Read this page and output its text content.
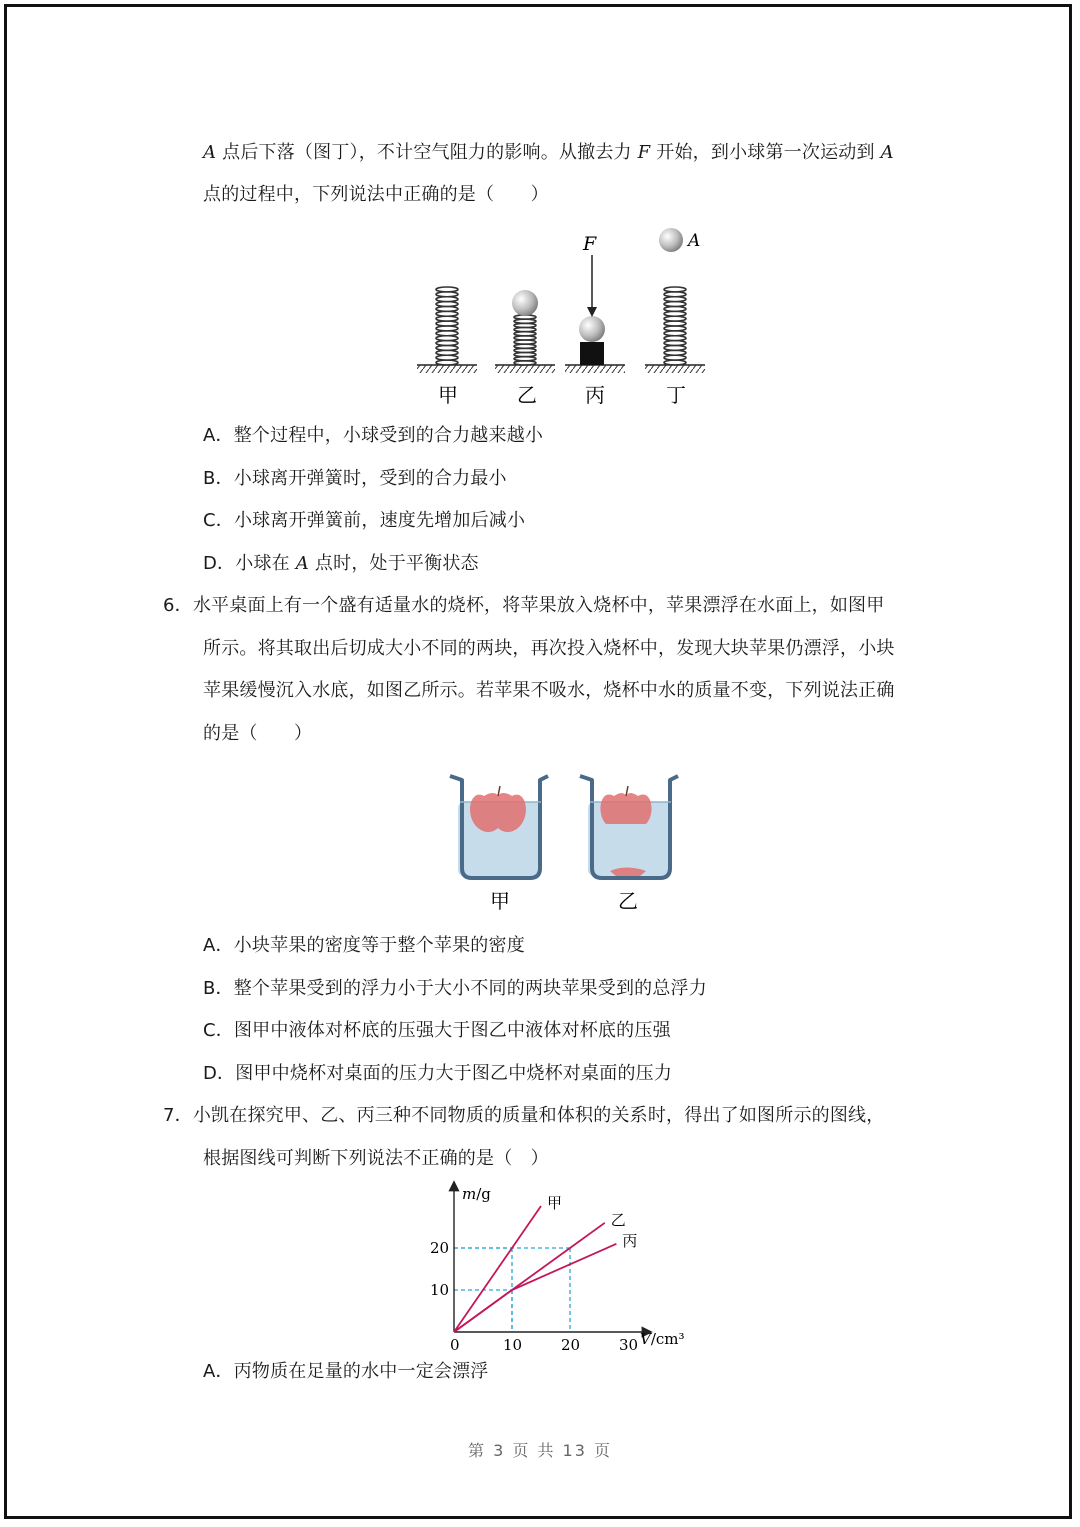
A 点后下落（图丁），不计空气阻力的影响。从撤去力 F 开始，到小球第一次运动到 A
点的过程中，下列说法中正确的是（　　）
F	A
甲	乙 丙	丁
A．整个过程中，小球受到的合力越来越小
B．小球离开弹簧时，受到的合力最小
C．小球离开弹簧前，速度先增加后减小
D．小球在 A 点时，处于平衡状态
6．水平桌面上有一个盛有适量水的烧杯，将苹果放入烧杯中，苹果漂浮在水面上，如图甲
所示。将其取出后切成大小不同的两块，再次投入烧杯中，发现大块苹果仍漂浮，小块
苹果缓慢沉入水底，如图乙所示。若苹果不吸水，烧杯中水的质量不变，下列说法正确
的是（　　）
甲	乙
A．小块苹果的密度等于整个苹果的密度
B．整个苹果受到的浮力小于大小不同的两块苹果受到的总浮力
C．图甲中液体对杯底的压强大于图乙中液体对杯底的压强
D．图甲中烧杯对桌面的压力大于图乙中烧杯对桌面的压力
7．小凯在探究甲、乙、丙三种不同物质的质量和体积的关系时，得出了如图所示的图线，
根据图线可判断下列说法不正确的是（　）
甲
乙
丙
0	10	20	30
10
20
m/g
V/cm³
A．丙物质在足量的水中一定会漂浮
第 3 页 共 13 页
